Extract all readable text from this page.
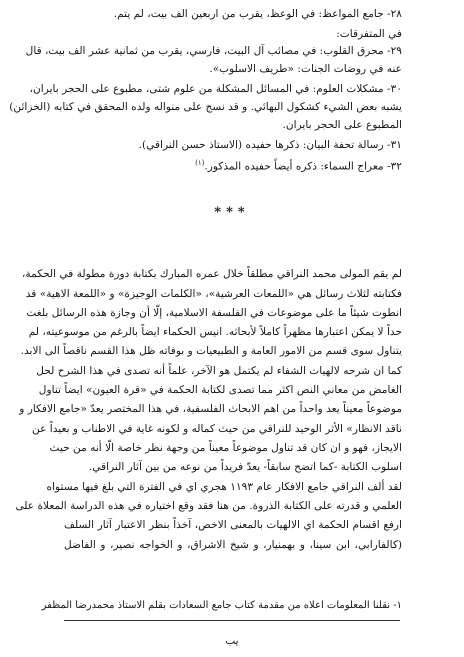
٢٨- جامع المواعظ: في الوعظ، يقرب من اربعين الف بيت، لم يتم.
في المتفرقات:
٢٩- محرق القلوب: في مصائب آل البيت، فارسي، يقرب من ثمانية عشر الف بيت، قال
عنه في روضات الجنات: «طريف الاسلوب».
٣٠- مشكلات العلوم: في المسائل المشكلة من علوم شتى، مطبوع على الحجر بايران،
يشبه بعض الشيء كشكول البهائي. و قد نسج على منواله ولده المحقق في كتابه (الخزائن)
المطبوع على الحجر بايران.
٣١- رسالة تحفة البيان: ذكرها حفيده (الاستاذ حسن النراقي).
٣٢- معراج السماء: ذكره أيضاً حفيده المذكور.$^{(١)}$
***
لم يقم المولى محمد النراقي مطلقاً خلال عمره المبارك بكتابة دورة مطولة في الحكمة،
فكتابته لثلاث رسائل هي «اللمعات العرشية»، «الكلمات الوجيزة» و «اللمعة الاهية» قد
انطوت شيئاً ما على موضوعات في الفلسفة الاسلامية، إلّا أن وجازة هذه الرسائل بلغت
حداً لا يمكن اعتبارها مظهراً كاملاً لأبحاثه. انيس الحكماء ايضاً بالرغم من موسوعيته، لم
يتناول سوى قسم من الامور العامة و الطبيعيات و بوفاته ظل هذا القسم ناقصاً الى الابد.
كما ان شرحه لالهيات الشفاء لم يكتمل هو الآخر، علماً أنه تصدى في هذا الشرح لحل
الغامض من معاني النص اكثر مما تصدى لكتابة الحكمة في «قرة العيون» ايضاً تناول
موضوعاً معيناً يعد واحداً من اهم الابحاث الفلسفية، في هذا المختصر يعدّ «جامع الافكار و
ناقد الانظار» الأثر الوحيد للنراقي من حيث كماله و لكونه غاية في الاطناب و بعيداً عن
الايجاز، فهو و ان كان قد تناول موضوعاً معيناً من وجهة نظر خاصة الّا أنه من حيث
اسلوب الكتابة -كما اتضح سابقاً- يعدّ فريداً من نوعه من بين آثار النراقي.
لقد ألف النراقي جامع الافكار عام ١١٩٣ هجري اي في الفترة التي بلغ فيها مستواه
العلمي و قدرته على الكتابة الذروة. من هنا فقد وقع اختياره في هذه الدراسة المعلاة على
ارفع اقسام الحكمة اي الالهيات بالمعنى الاخص، آخذاً بنظر الاعتبار آثار السلف
(كالفارابي، ابن سينا، و بهمنيار، و شيخ الاشراق، و الخواجه نصير، و الفاضل
١- نقلنا المعلومات اعلاه من مقدمة كتاب جامع السعادات بقلم الاستاذ محمدرضا المظفر
يب
